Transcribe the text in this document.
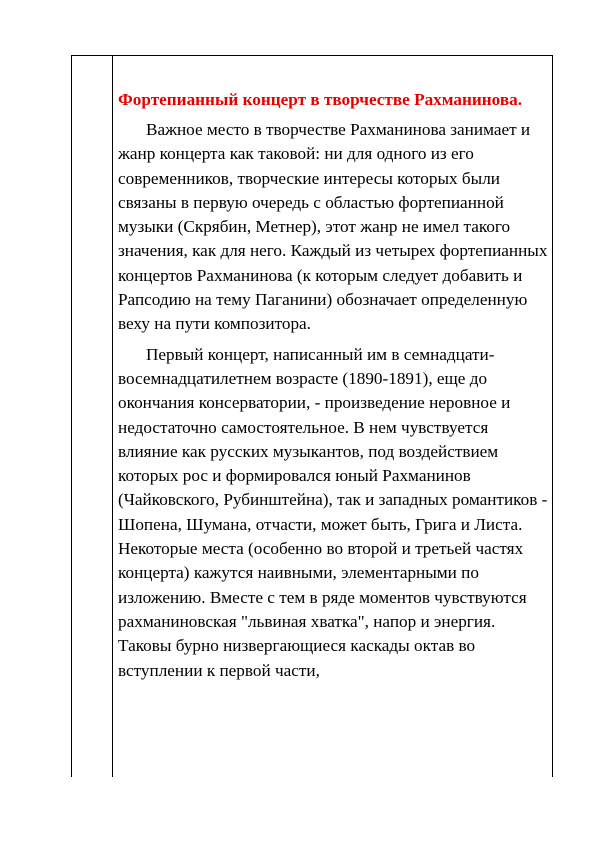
Фортепианный концерт в творчестве Рахманинова.

Важное место в творчестве Рахманинова занимает и жанр концерта как таковой: ни для одного из его современников, творческие интересы которых были связаны в первую очередь с областью фортепианной музыки (Скрябин, Метнер), этот жанр не имел такого значения, как для него. Каждый из четырех фортепианных концертов Рахманинова (к которым следует добавить и Рапсодию на тему Паганини) обозначает определенную веху на пути композитора.

Первый концерт, написанный им в семнадцати-восемнадцатилетнем возрасте (1890-1891), еще до окончания консерватории, - произведение неровное и недостаточно самостоятельное. В нем чувствуется влияние как русских музыкантов, под воздействием которых рос и формировался юный Рахманинов (Чайковского, Рубинштейна), так и западных романтиков - Шопена, Шумана, отчасти, может быть, Грига и Листа. Некоторые места (особенно во второй и третьей частях концерта) кажутся наивными, элементарными по изложению. Вместе с тем в ряде моментов чувствуются рахманиновская "львиная хватка", напор и энергия. Таковы бурно низвергающиеся каскады октав во вступлении к первой части,
